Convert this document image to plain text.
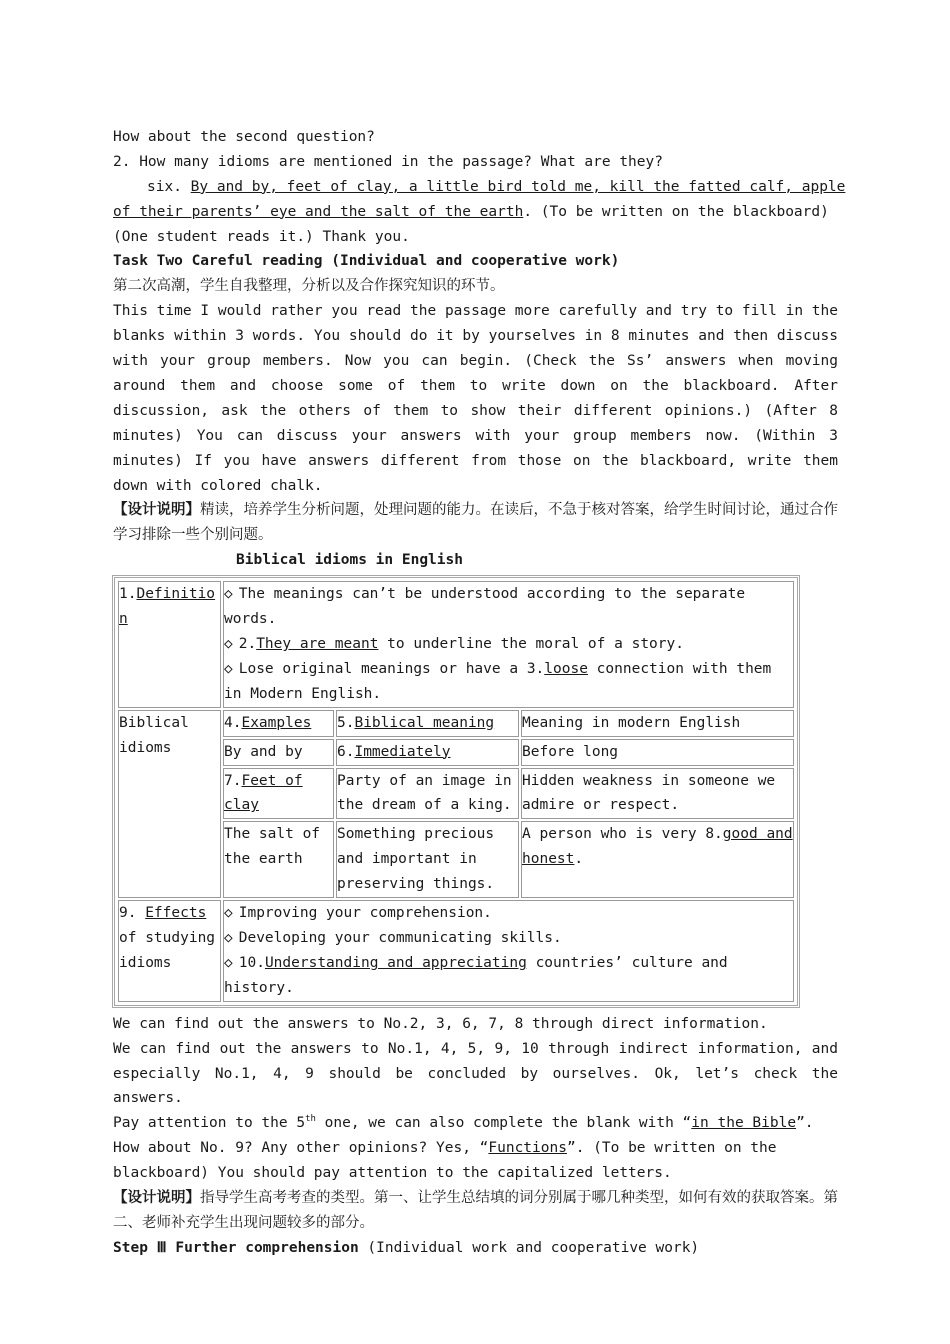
How about the second question?
2. How many idioms are mentioned in the passage? What are they?
six. By and by, feet of clay, a little bird told me, kill the fatted calf, apple
of their parents’ eye and the salt of the earth. (To be written on the blackboard)
(One student reads it.) Thank you.
Task Two Careful reading (Individual and cooperative work)
第二次高潮，学生自我整理，分析以及合作探究知识的环节。
This time I would rather you read the passage more carefully and try to fill in the blanks within 3 words. You should do it by yourselves in 8 minutes and then discuss with your group members. Now you can begin. (Check the Ss’ answers when moving around them and choose some of them to write down on the blackboard. After discussion, ask the others of them to show their different opinions.) (After 8 minutes) You can discuss your answers with your group members now. (Within 3 minutes) If you have answers different from those on the blackboard, write them down with colored chalk.
【设计说明】精读，培养学生分析问题，处理问题的能力。在读后，不急于核对答案，给学生时间讨论，通过合作学习排除一些个别问题。
Biblical idioms in English
1.Definition	◇ The meanings can’t be understood according to the separate words.
◇ 2.They are meant to underline the moral of a story.
◇ Lose original meanings or have a 3.loose connection with them in Modern English.		

Biblical idioms	4.Examples	5.Biblical meaning	Meaning in modern English
	By and by	6.Immediately	Before long
	7.Feet of clay	Party of an image in the dream of a king.	Hidden weakness in someone we admire or respect.
	The salt of the earth	Something precious and important in preserving things.	A person who is very 8.good and honest.
9. Effects of studying idioms	◇ Improving your comprehension.
◇ Developing your communicating skills.
◇ 10.Understanding and appreciating countries’ culture and history.		
We can find out the answers to No.2, 3, 6, 7, 8 through direct information.
We can find out the answers to No.1, 4, 5, 9, 10 through indirect information, and especially No.1, 4, 9 should be concluded by ourselves. Ok, let’s check the answers.
Pay attention to the 5th one, we can also complete the blank with “in the Bible”.
How about No. 9? Any other opinions? Yes, “Functions”. (To be written on the blackboard) You should pay attention to the capitalized letters.
【设计说明】指导学生高考考查的类型。第一、让学生总结填的词分别属于哪几种类型，如何有效的获取答案。第二、老师补充学生出现问题较多的部分。
Step Ⅲ Further comprehension (Individual work and cooperative work)
